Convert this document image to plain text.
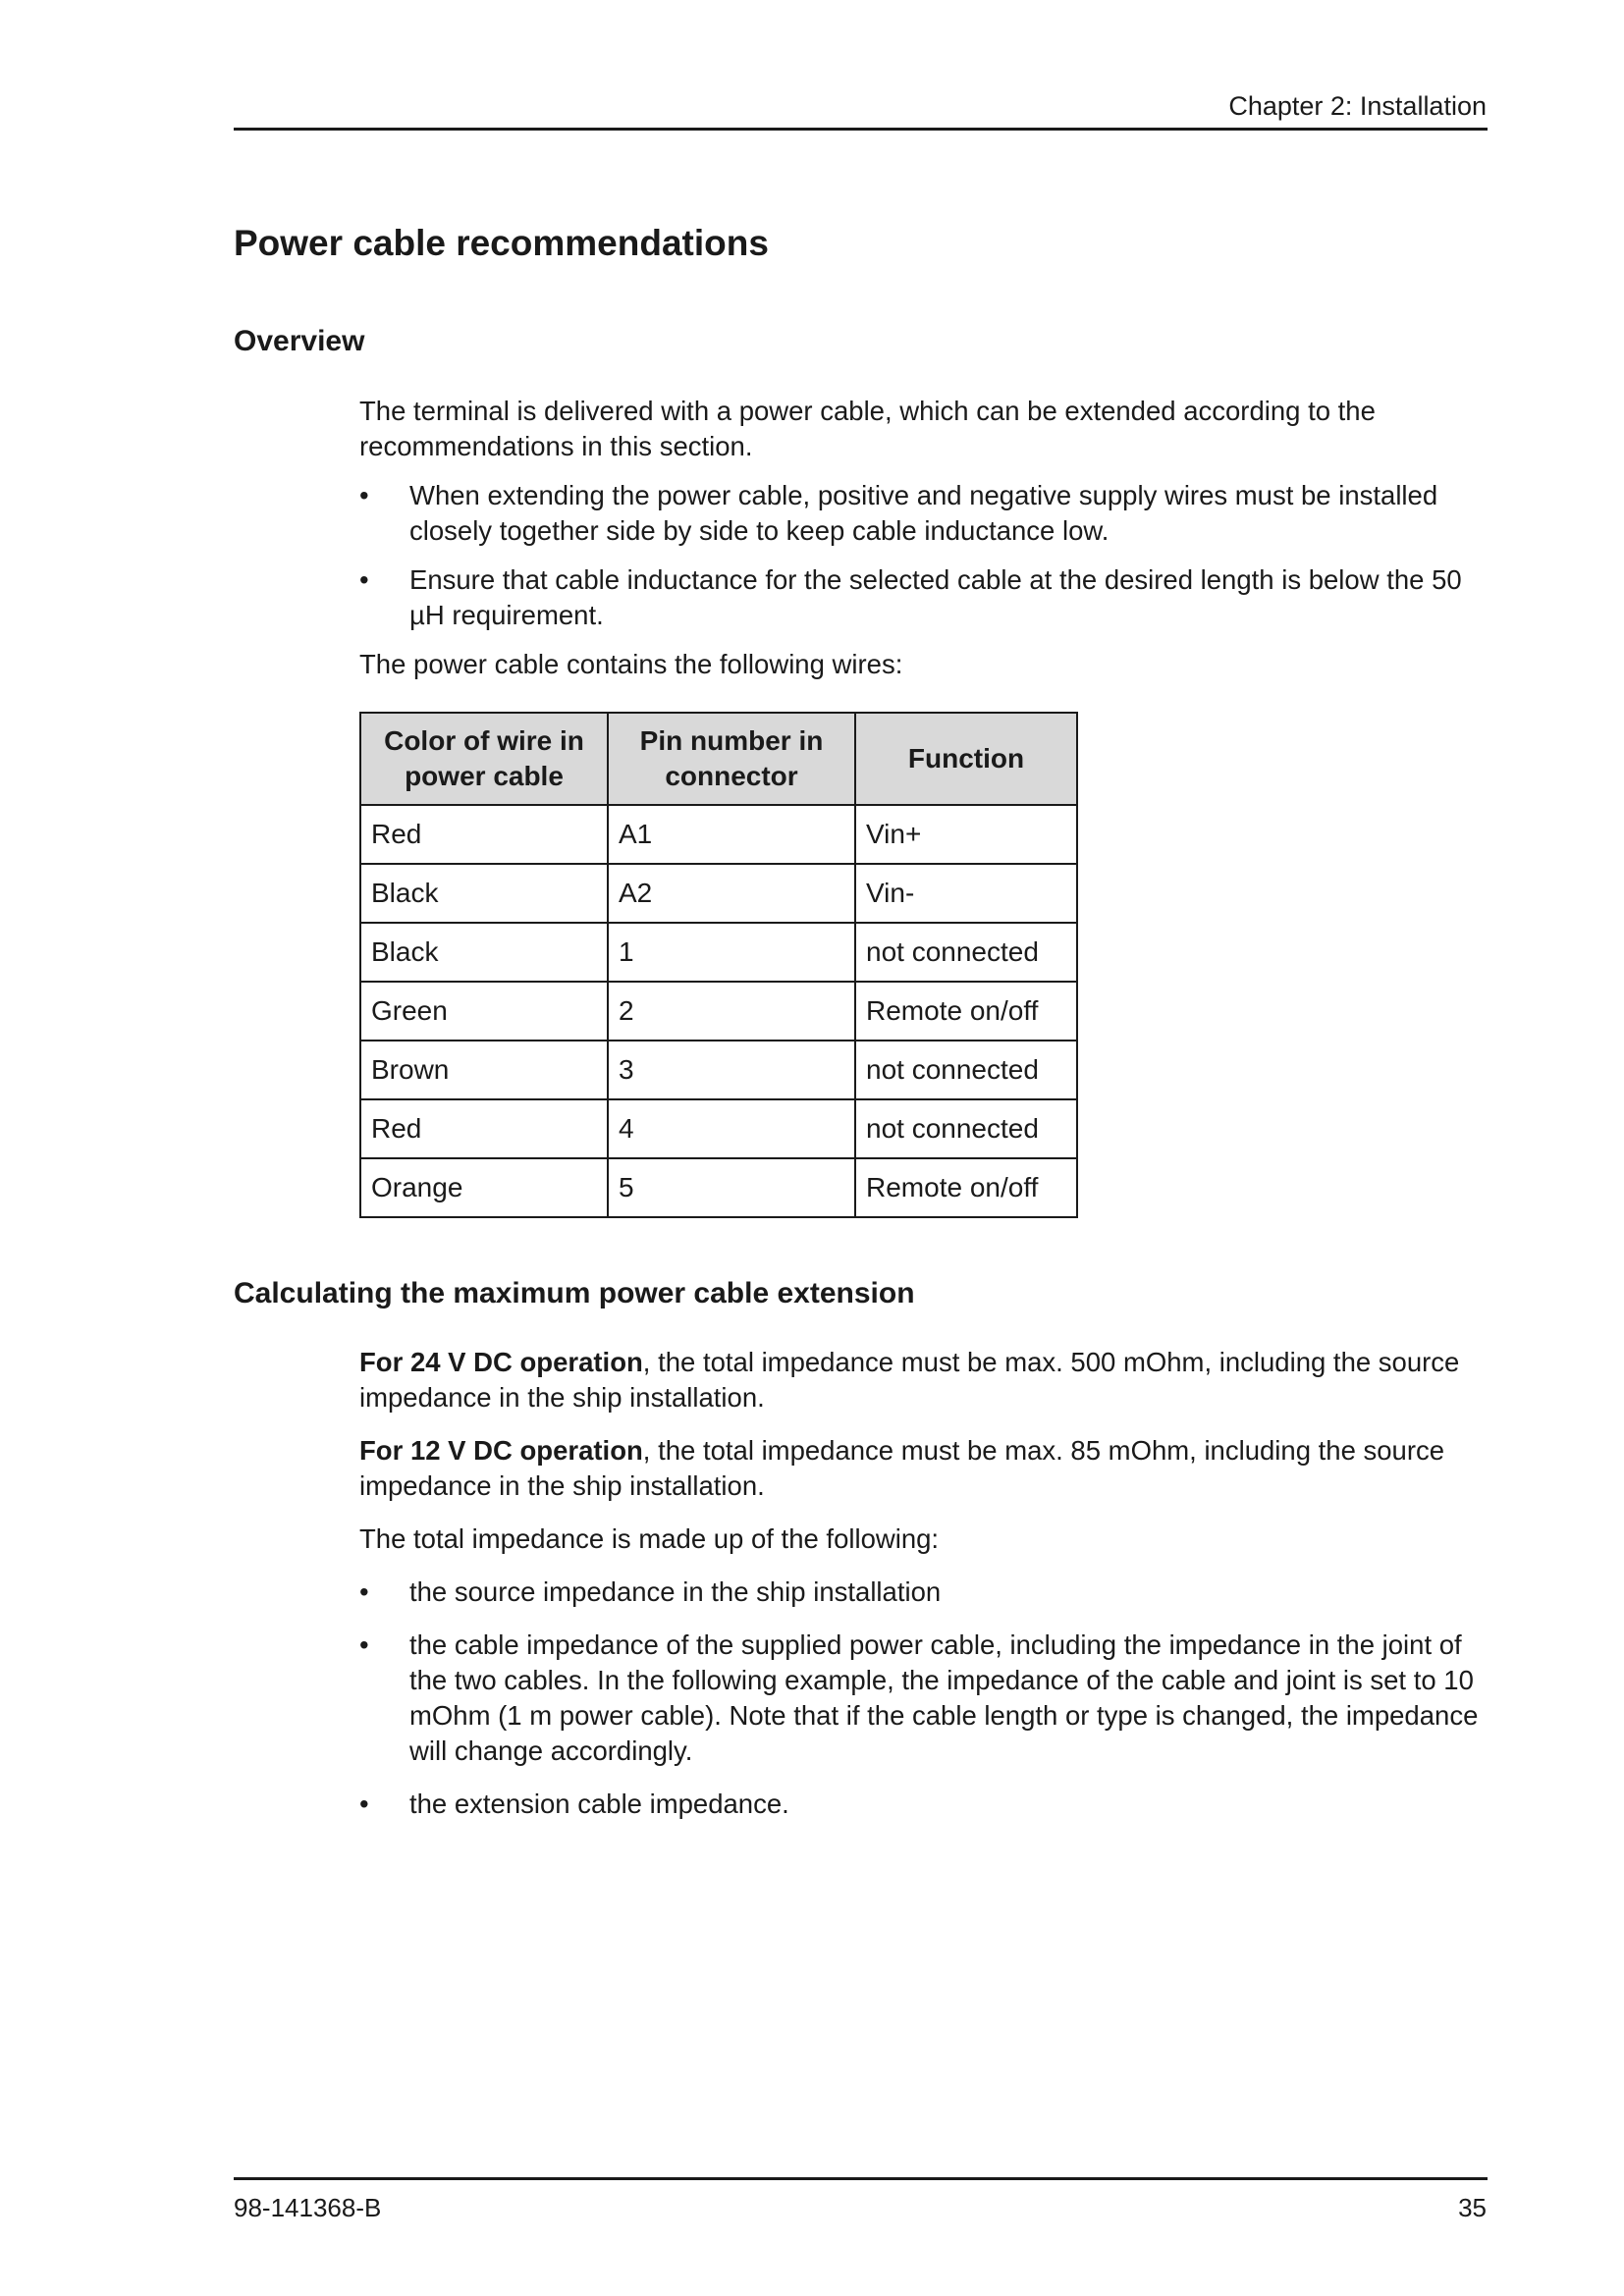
Chapter 2: Installation
Power cable recommendations
Overview

The terminal is delivered with a power cable, which can be extended according to the recommendations in this section.

• When extending the power cable, positive and negative supply wires must be installed closely together side by side to keep cable inductance low.

• Ensure that cable inductance for the selected cable at the desired length is below the 50 µH requirement.

The power cable contains the following wires:

Color of wire in power cable	Pin number in connector	Function
Red	A1	Vin+
Black	A2	Vin-
Black	1	not connected
Green	2	Remote on/off
Brown	3	not connected
Red	4	not connected
Orange	5	Remote on/off
Calculating the maximum power cable extension

For 24 V DC operation, the total impedance must be max. 500 mOhm, including the source impedance in the ship installation.

For 12 V DC operation, the total impedance must be max. 85 mOhm, including the source impedance in the ship installation.

The total impedance is made up of the following:

• the source impedance in the ship installation

• the cable impedance of the supplied power cable, including the impedance in the joint of the two cables. In the following example, the impedance of the cable and joint is set to 10 mOhm (1 m power cable). Note that if the cable length or type is changed, the impedance will change accordingly.

• the extension cable impedance.

98-141368-B	35
